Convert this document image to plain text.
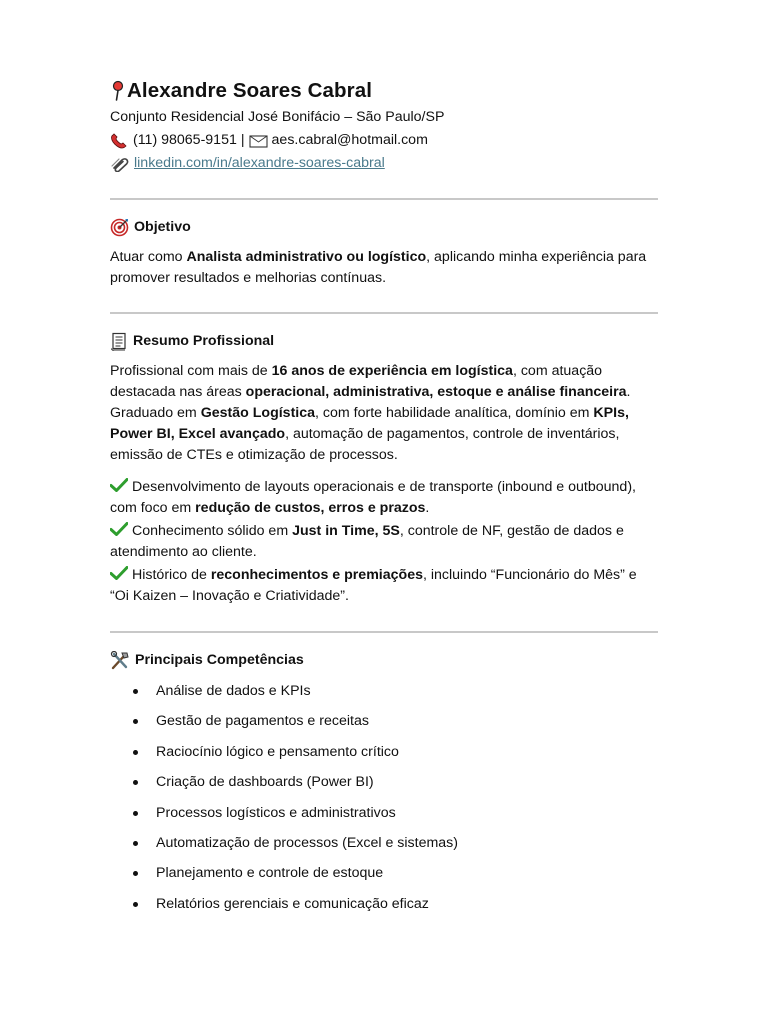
Alexandre Soares Cabral
Conjunto Residencial José Bonifácio – São Paulo/SP
(11) 98065-9151 | aes.cabral@hotmail.com
linkedin.com/in/alexandre-soares-cabral
Objetivo

Atuar como Analista administrativo ou logístico, aplicando minha experiência para promover resultados e melhorias contínuas.

Resumo Profissional

Profissional com mais de 16 anos de experiência em logística, com atuação destacada nas áreas operacional, administrativa, estoque e análise financeira. Graduado em Gestão Logística, com forte habilidade analítica, domínio em KPIs, Power BI, Excel avançado, automação de pagamentos, controle de inventários, emissão de CTEs e otimização de processos.

Desenvolvimento de layouts operacionais e de transporte (inbound e outbound), com foco em redução de custos, erros e prazos.

Conhecimento sólido em Just in Time, 5S, controle de NF, gestão de dados e atendimento ao cliente.

Histórico de reconhecimentos e premiações, incluindo “Funcionário do Mês” e “Oi Kaizen – Inovação e Criatividade”.

Principais Competências
Análise de dados e KPIs
Gestão de pagamentos e receitas
Raciocínio lógico e pensamento crítico
Criação de dashboards (Power BI)
Processos logísticos e administrativos
Automatização de processos (Excel e sistemas)
Planejamento e controle de estoque
Relatórios gerenciais e comunicação eficaz
